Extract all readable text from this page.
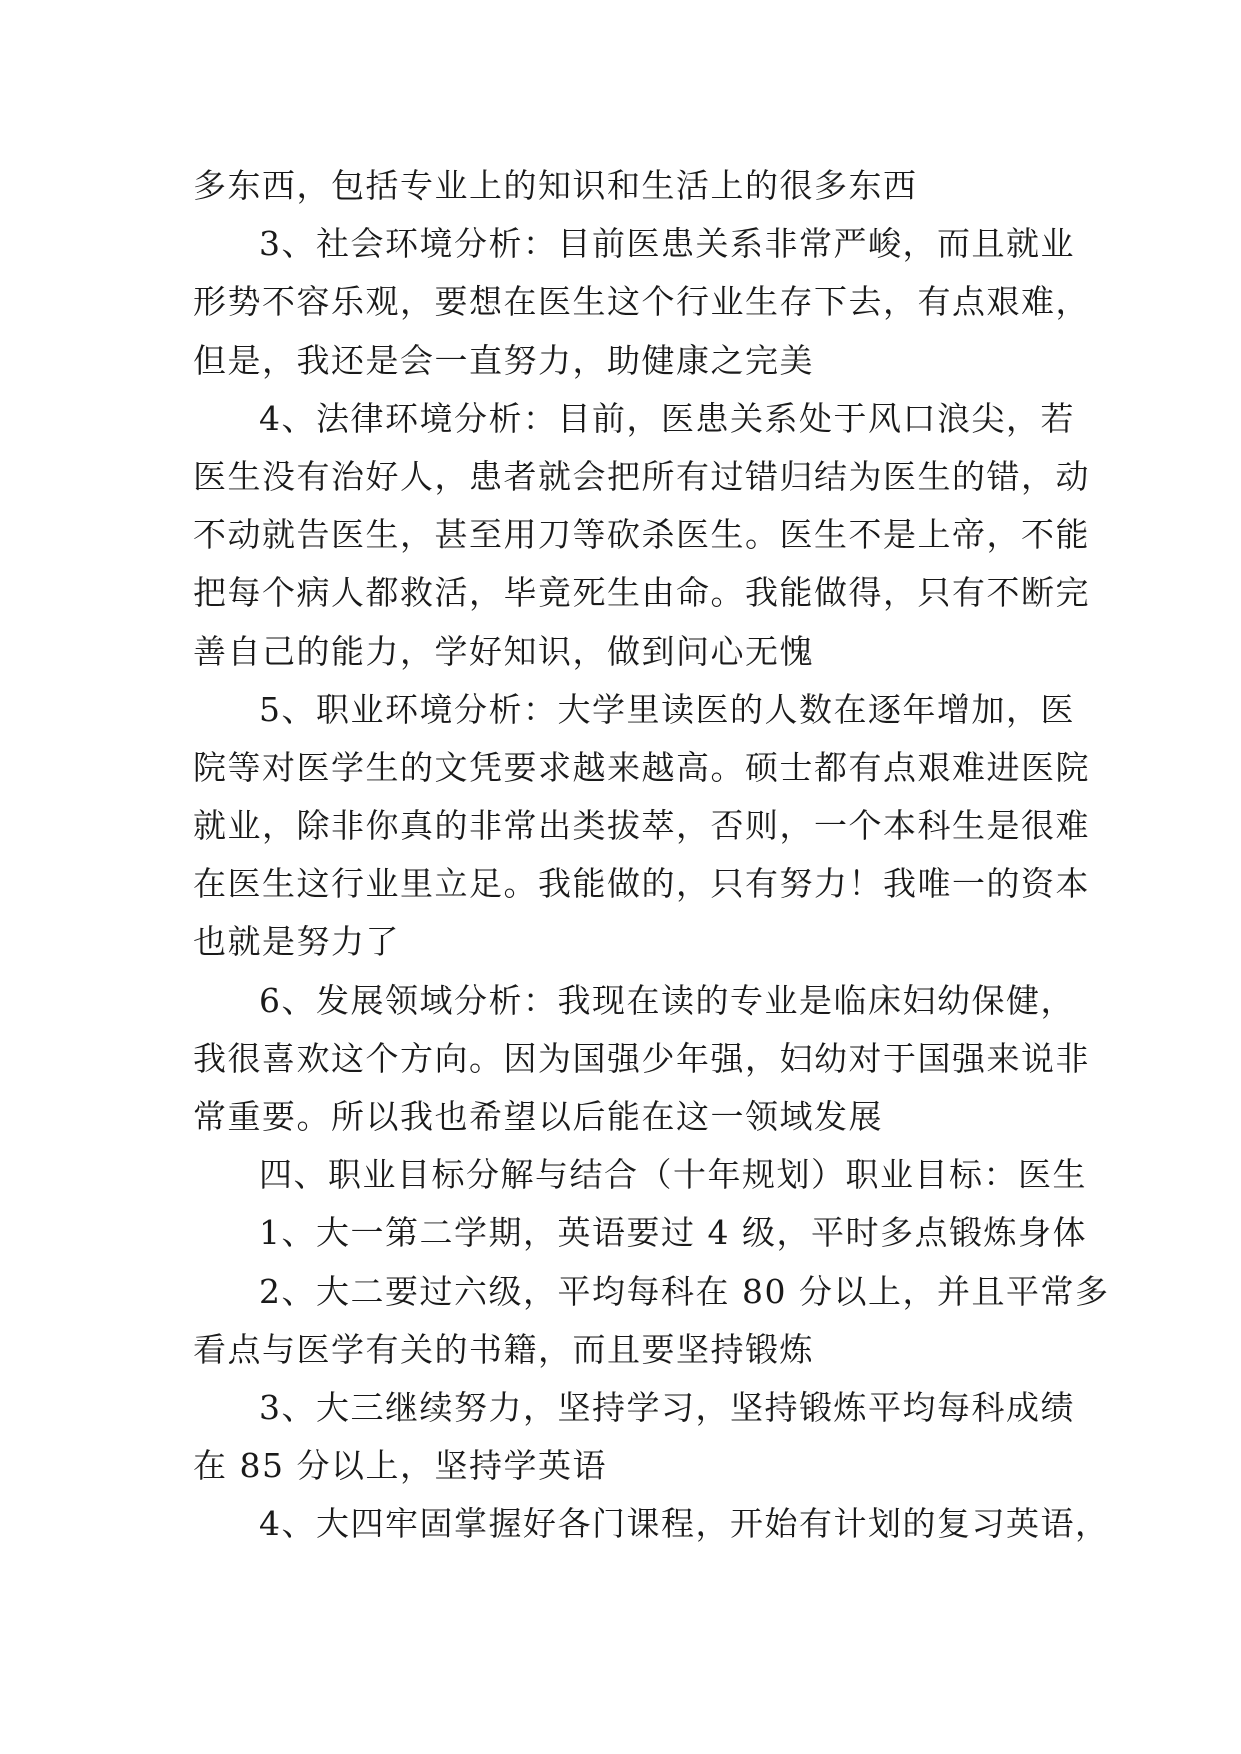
多东西，包括专业上的知识和生活上的很多东西
3、社会环境分析：目前医患关系非常严峻，而且就业
形势不容乐观，要想在医生这个行业生存下去，有点艰难，
但是，我还是会一直努力，助健康之完美
4、法律环境分析：目前，医患关系处于风口浪尖，若
医生没有治好人，患者就会把所有过错归结为医生的错，动
不动就告医生，甚至用刀等砍杀医生。医生不是上帝，不能
把每个病人都救活，毕竟死生由命。我能做得，只有不断完
善自己的能力，学好知识，做到问心无愧
5、职业环境分析：大学里读医的人数在逐年增加，医
院等对医学生的文凭要求越来越高。硕士都有点艰难进医院
就业，除非你真的非常出类拔萃，否则，一个本科生是很难
在医生这行业里立足。我能做的，只有努力！我唯一的资本
也就是努力了
6、发展领域分析：我现在读的专业是临床妇幼保健，
我很喜欢这个方向。因为国强少年强，妇幼对于国强来说非
常重要。所以我也希望以后能在这一领域发展
四、职业目标分解与结合（十年规划）职业目标：医生
1、大一第二学期，英语要过 4 级，平时多点锻炼身体
2、大二要过六级，平均每科在 80 分以上，并且平常多
看点与医学有关的书籍，而且要坚持锻炼
3、大三继续努力，坚持学习，坚持锻炼平均每科成绩
在 85 分以上，坚持学英语
4、大四牢固掌握好各门课程，开始有计划的复习英语，
